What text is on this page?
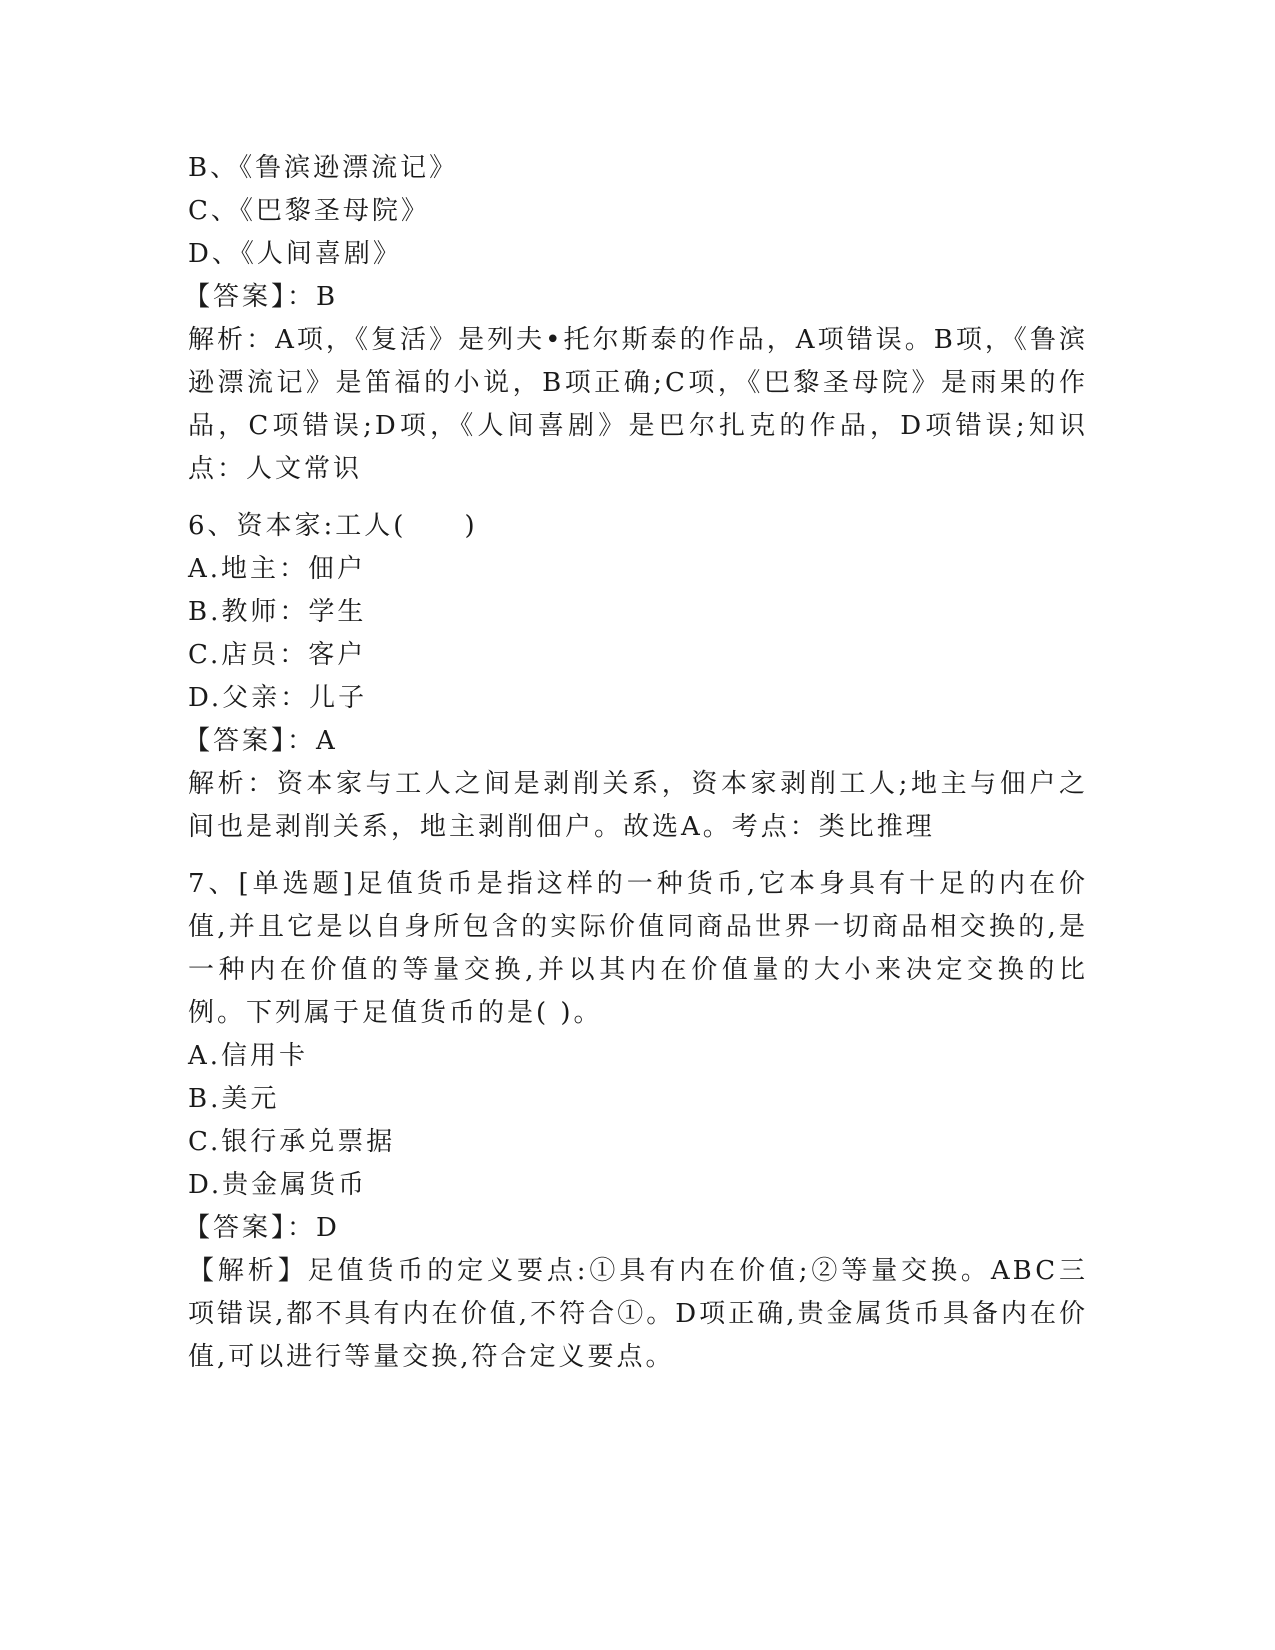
B、《鲁滨逊漂流记》
C、《巴黎圣母院》
D、《人间喜剧》
【答案】：B
解析：A项，《复活》是列夫•托尔斯泰的作品，A项错误。B项，《鲁滨逊漂流记》是笛福的小说，B项正确;C项，《巴黎圣母院》是雨果的作品，C项错误;D项，《人间喜剧》是巴尔扎克的作品，D项错误;知识点：人文常识
6、资本家:工人(　　)
A.地主：佃户
B.教师：学生
C.店员：客户
D.父亲：儿子
【答案】：A
解析：资本家与工人之间是剥削关系，资本家剥削工人;地主与佃户之间也是剥削关系，地主剥削佃户。故选A。考点：类比推理
7、[单选题]足值货币是指这样的一种货币,它本身具有十足的内在价值,并且它是以自身所包含的实际价值同商品世界一切商品相交换的,是一种内在价值的等量交换,并以其内在价值量的大小来决定交换的比例。下列属于足值货币的是( )。
A.信用卡
B.美元
C.银行承兑票据
D.贵金属货币
【答案】：D
【解析】足值货币的定义要点:①具有内在价值;②等量交换。ABC三项错误,都不具有内在价值,不符合①。D项正确,贵金属货币具备内在价值,可以进行等量交换,符合定义要点。
